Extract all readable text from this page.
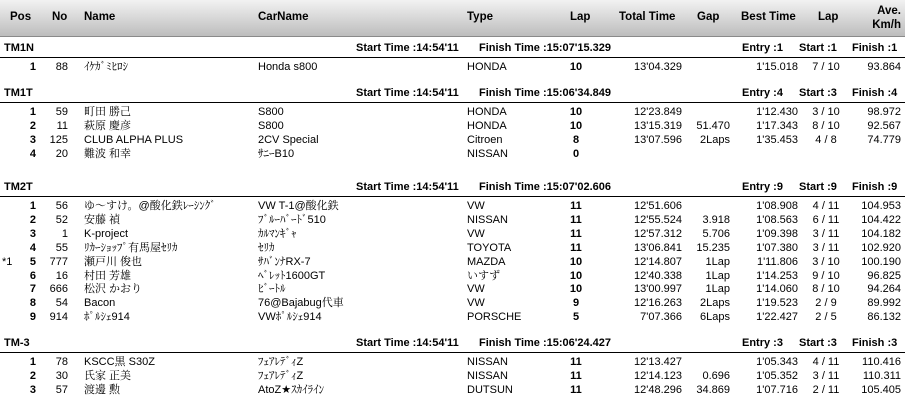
Pos No Name	CarName	Type	Lap Total Time Gap Best Time Lap	Ave.
Km/h
TM1N	Start Time :14:54'11 Finish Time :15:07'15.329	Entry :1 Start :1 Finish :1
1	88 ｲｹｶﾞﾐﾋﾛｼ	Honda s800	HONDA	10	13'04.329	1'15.018	7 / 10	93.864
TM1T	Start Time :14:54'11 Finish Time :15:06'34.849	Entry :4 Start :3 Finish :4
1	59 町田 勝己	S800	HONDA	10	12'23.849	1'12.430	3 / 10	98.972
2	11 萩原 慶彦	S800	HONDA	10	13'15.319	51.470	1'17.343	8 / 10	92.567
3	125 CLUB ALPHA PLUS	2CV Special	Citroen	8	13'07.596	2Laps	1'35.453	4 / 8	74.779
4	20 難波 和幸	ｻﾆｰB10	NISSAN	0
TM2T	Start Time :14:54'11 Finish Time :15:07'02.606	Entry :9 Start :9 Finish :9
1	56 ゆ～すけ。@酸化鉄ﾚｰｼﾝｸﾞ	VW T-1@酸化鉄	VW	11	12'51.606	1'08.908	4 / 11	104.953
2	52 安藤 禎	ﾌﾞﾙｰﾊﾞｰﾄﾞ510	NISSAN	11	12'55.524	3.918	1'08.563	6 / 11	104.422
3	1 K-project	ｶﾙﾏﾝｷﾞｬ	VW	11	12'57.312	5.706	1'09.398	3 / 11	104.182
4	55 ﾘｶｰｼｮｯﾌﾟ有馬屋ｾﾘｶ	ｾﾘｶ	TOYOTA	11	13'06.841	15.235	1'07.380	3 / 11	102.920
*1	5	777 瀬戸川 俊也	ｻﾊﾞﾝﾅRX-7	MAZDA	10	12'14.807	1Lap	1'11.806	3 / 10	100.190
6	16 村田 芳雄	ﾍﾞﾚｯﾄ1600GT	いすず	10	12'40.338	1Lap	1'14.253	9 / 10	96.825
7	666 松沢 かおり	ﾋﾞｰﾄﾙ	VW	10	13'00.997	1Lap	1'14.060	8 / 10	94.264
8	54 Bacon	76@Bajabug代車	VW	9	12'16.263	2Laps	1'19.523	2 / 9	89.992
9	914 ﾎﾟﾙｼｪ914	VWﾎﾟﾙｼｪ914	PORSCHE	5	7'07.366	6Laps	1'22.427	2 / 5	86.132
TM-3	Start Time :14:54'11 Finish Time :15:06'24.427	Entry :3 Start :3 Finish :3
1	78 KSCC黒 S30Z	ﾌｪｱﾚﾃﾞｨZ	NISSAN	11	12'13.427	1'05.343	4 / 11	110.416
2	30 氏家 正美	ﾌｪｱﾚﾃﾞｨZ	NISSAN	11	12'14.123	0.696	1'05.352	3 / 11	110.311
3	57 渡邊 勲	AtoZ★ｽｶｲﾗｲﾝ	DUTSUN	11	12'48.296	34.869	1'07.716	2 / 11	105.405
